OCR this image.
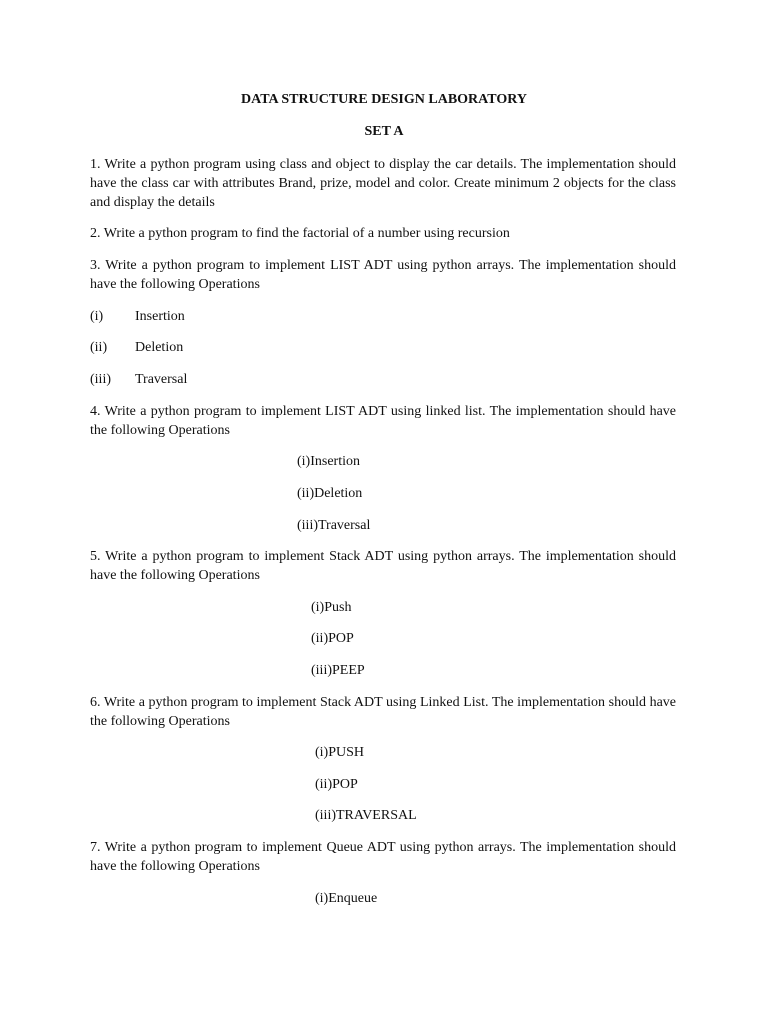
DATA STRUCTURE DESIGN LABORATORY
SET A
1. Write a python program using class and object to display the car details. The implementation should have the class car with attributes Brand, prize, model and color. Create minimum 2 objects for the class and display the details
2. Write a python program to find the factorial of a number using recursion
3. Write a python program to implement LIST ADT using python arrays. The implementation should have the following Operations
(i) Insertion
(ii) Deletion
(iii) Traversal
4. Write a python program to implement LIST ADT using linked list. The implementation should have the following Operations
(i)Insertion
(ii)Deletion
(iii)Traversal
5. Write a python program to implement Stack ADT using python arrays. The implementation should have the following Operations
(i)Push
(ii)POP
(iii)PEEP
6. Write a python program to implement Stack ADT using Linked List. The implementation should have the following Operations
(i)PUSH
(ii)POP
(iii)TRAVERSAL
7. Write a python program to implement Queue ADT using python arrays. The implementation should have the following Operations
(i)Enqueue
